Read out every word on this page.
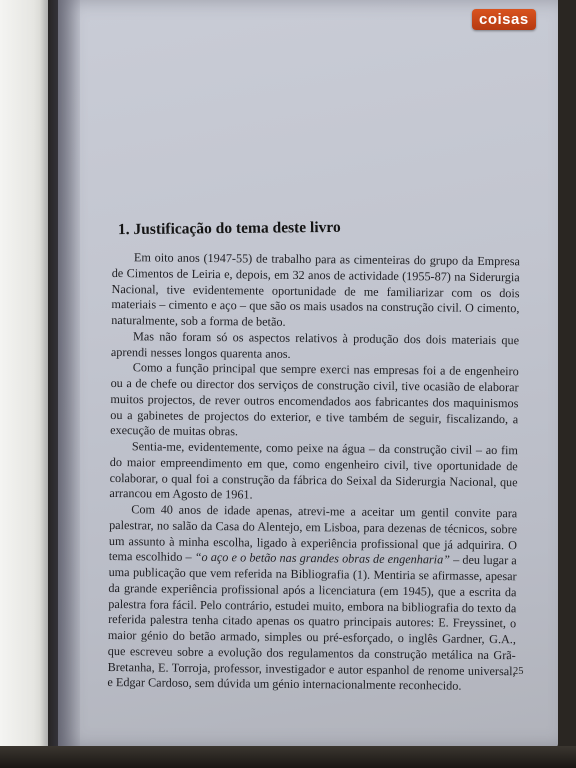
coisas
1. Justificação do tema deste livro

Em oito anos (1947-55) de trabalho para as cimenteiras do grupo da Empresa de Cimentos de Leiria e, depois, em 32 anos de actividade (1955-87) na Siderurgia Nacional, tive evidentemente oportunidade de me familiarizar com os dois materiais – cimento e aço – que são os mais usados na construção civil. O cimento, naturalmente, sob a forma de betão.

Mas não foram só os aspectos relativos à produção dos dois materiais que aprendi nesses longos quarenta anos.

Como a função principal que sempre exerci nas empresas foi a de engenheiro ou a de chefe ou director dos serviços de construção civil, tive ocasião de elaborar muitos projectos, de rever outros encomendados aos fabricantes dos maquinismos ou a gabinetes de projectos do exterior, e tive também de seguir, fiscalizando, a execução de muitas obras.

Sentia-me, evidentemente, como peixe na água – da construção civil – ao fim do maior empreendimento em que, como engenheiro civil, tive oportunidade de colaborar, o qual foi a construção da fábrica do Seixal da Siderurgia Nacional, que arrancou em Agosto de 1961.

Com 40 anos de idade apenas, atrevi-me a aceitar um gentil convite para palestrar, no salão da Casa do Alentejo, em Lisboa, para dezenas de técnicos, sobre um assunto à minha escolha, ligado à experiência profissional que já adquirira. O tema escolhido – “o aço e o betão nas grandes obras de engenharia” – deu lugar a uma publicação que vem referida na Bibliografia (1). Mentiria se afirmasse, apesar da grande experiência profissional após a licenciatura (em 1945), que a escrita da palestra fora fácil. Pelo contrário, estudei muito, embora na bibliografia do texto da referida palestra tenha citado apenas os quatro principais autores: E. Freyssinet, o maior génio do betão armado, simples ou pré-esforçado, o inglês Gardner, G.A., que escreveu sobre a evolução dos regulamentos da construção metálica na Grã-Bretanha, E. Torroja, professor, investigador e autor espanhol de renome universal, e Edgar Cardoso, sem dúvida um génio internacionalmente reconhecido.

25
